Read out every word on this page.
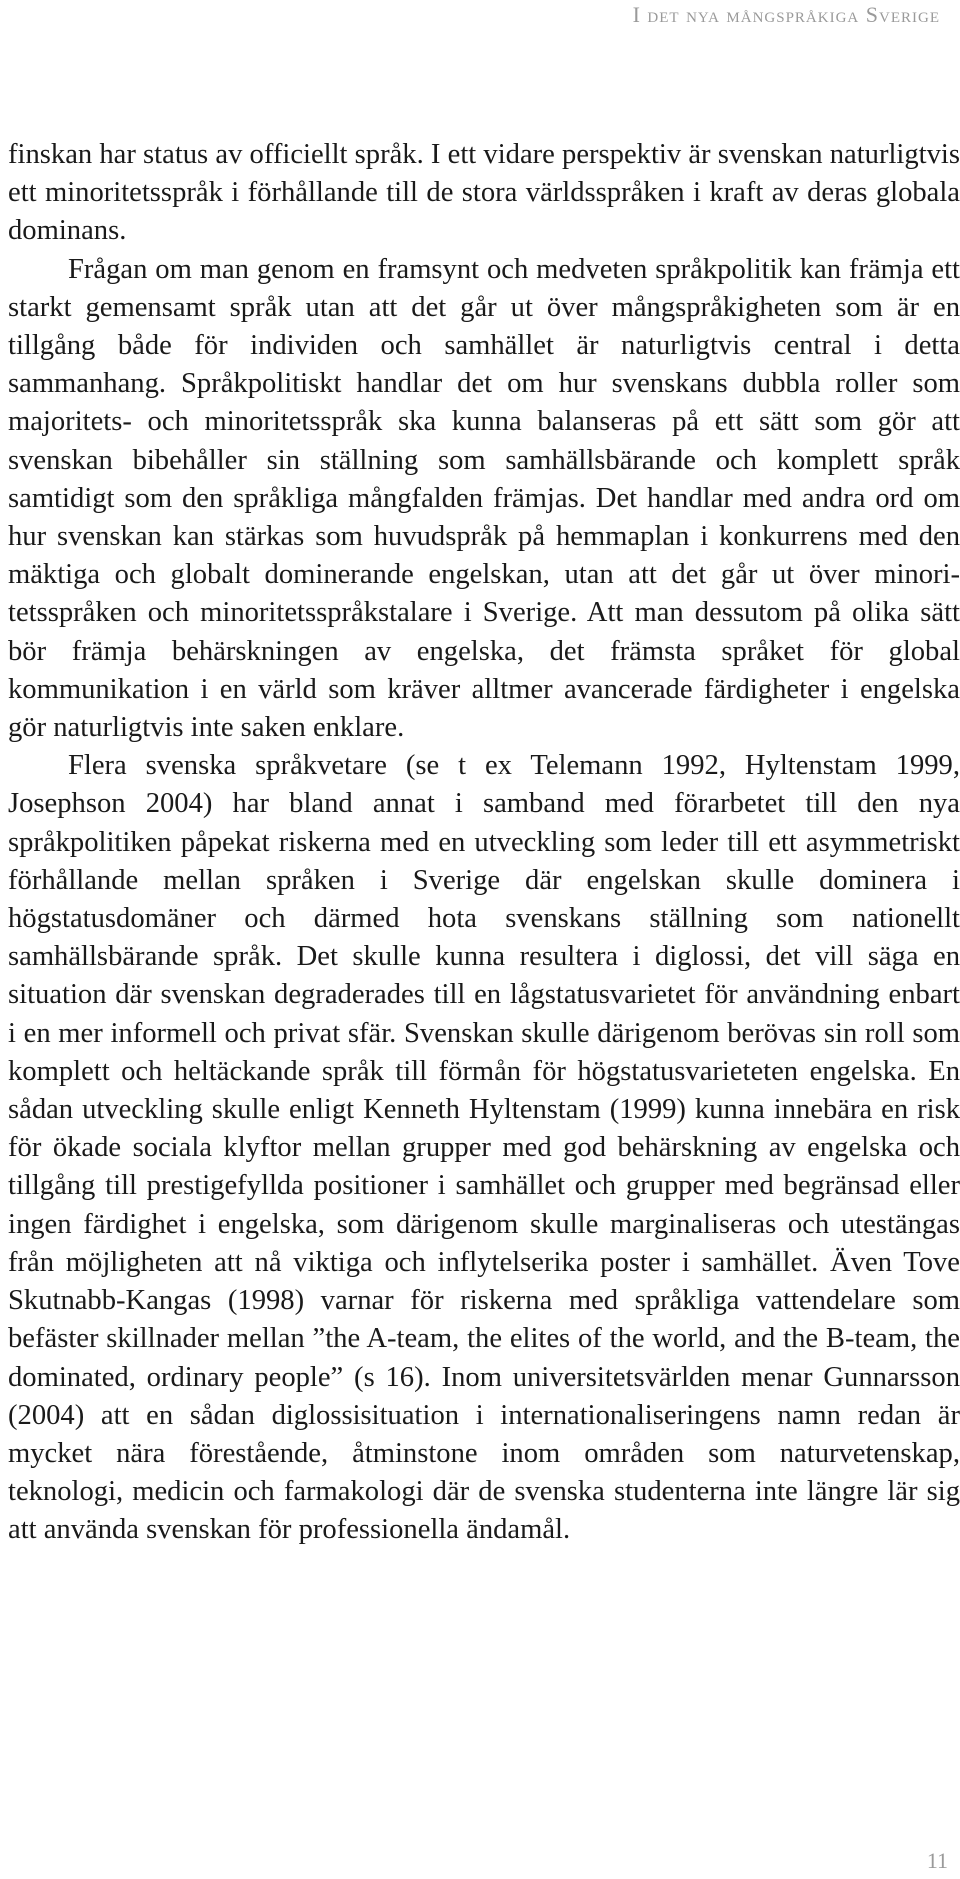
I det nya mångspråkiga Sverige

finskan har status av officiellt språk. I ett vidare perspektiv är svenskan naturligtvis ett minoritetsspråk i förhållande till de stora världsspråken i kraft av deras globala dominans.

Frågan om man genom en framsynt och medveten språkpolitik kan främja ett starkt gemensamt språk utan att det går ut över mångspråkigheten som är en tillgång både för individen och samhället är naturligtvis central i detta sammanhang. Språkpolitiskt handlar det om hur svenskans dubbla roller som majoritets- och minoritetsspråk ska kunna balanseras på ett sätt som gör att svenskan bibehåller sin ställning som samhällsbärande och komplett språk samtidigt som den språkliga mångfalden främjas. Det handlar med andra ord om hur svenskan kan stärkas som huvudspråk på hemmaplan i konkurrens med den mäktiga och globalt dominerande engelskan, utan att det går ut över minoritetsspråken och minoritetsspråkstalare i Sverige. Att man dessutom på olika sätt bör främja behärskningen av engelska, det främsta språket för global kommunikation i en värld som kräver alltmer avancerade färdigheter i engelska gör naturligtvis inte saken enklare.

Flera svenska språkvetare (se t ex Telemann 1992, Hyltenstam 1999, Josephson 2004) har bland annat i samband med förarbetet till den nya språkpolitiken påpekat riskerna med en utveckling som leder till ett asymmetriskt förhållande mellan språken i Sverige där engelskan skulle dominera i högstatusdomäner och därmed hota svenskans ställning som nationellt samhällsbärande språk. Det skulle kunna resultera i diglossi, det vill säga en situation där svenskan degraderades till en lågstatusvarietet för användning enbart i en mer informell och privat sfär. Svenskan skulle därigenom berövas sin roll som komplett och heltäckande språk till förmån för högstatusvarieteten engelska. En sådan utveckling skulle enligt Kenneth Hyltenstam (1999) kunna innebära en risk för ökade sociala klyftor mellan grupper med god behärskning av engelska och tillgång till prestigefyllda positioner i samhället och grupper med begränsad eller ingen färdighet i engelska, som därigenom skulle marginaliseras och utestängas från möjligheten att nå viktiga och inflytelserika poster i samhället. Även Tove Skutnabb-Kangas (1998) varnar för riskerna med språkliga vattendelare som befäster skillnader mellan ”the A-team, the elites of the world, and the B-team, the dominated, ordinary people” (s 16). Inom universitetsvärlden menar Gunnarsson (2004) att en sådan diglossisituation i internationaliseringens namn redan är mycket nära förestående, åtminstone inom områden som naturvetenskap, teknologi, medicin och farmakologi där de svenska studenterna inte längre lär sig att använda svenskan för professionella ändamål.

11
